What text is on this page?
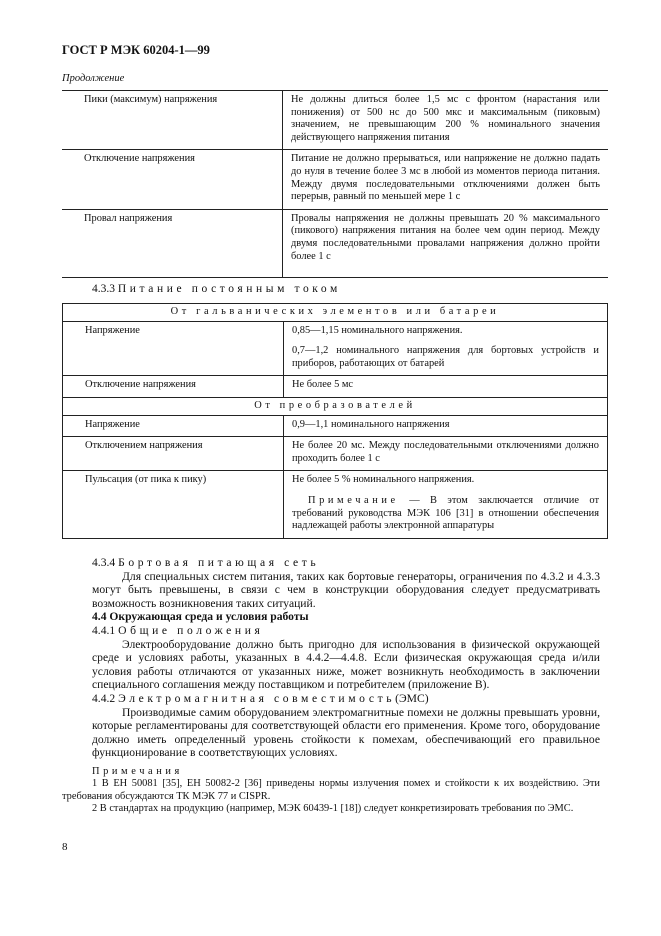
ГОСТ Р МЭК 60204-1—99
Продолжение
Пики (максимум) напряжения	Не должны длиться более 1,5 мс с фронтом (нарастания или понижения) от 500 нс до 500 мкс и максимальным (пиковым) значением, не превышающим 200 % номинального значения действующего напряжения питания
Отключение напряжения	Питание не должно прерываться, или напряжение не должно падать до нуля в течение более 3 мс в любой из моментов периода питания. Между двумя последовательными отключениями должен быть перерыв, равный по меньшей мере 1 с
Провал напряжения	Провалы напряжения не должны превышать 20 % максимального (пикового) напряжения питания на более чем один период. Между двумя последовательными провалами напряжения должно пройти более 1 с
4.3.3 Питание постоянным током
От гальванических элементов или батареи	
Напряжение	0,85—1,15 номинального напряжения.

0,7—1,2 номинального напряжения для бортовых устройств и приборов, работающих от батарей

Отключение напряжения	Не более 5 мс
От преобразователей	
Напряжение	0,9—1,1 номинального напряжения
Отключением напряжения	Не более 20 мс. Между последовательными отключениями должно проходить более 1 с
Пульсация (от пика к пику)	Не более 5 % номинального напряжения.

Примечание — В этом заключается отличие от требований руководства МЭК 106 [31] в отношении обеспечения надлежащей работы электронной аппаратуры

4.3.4 Бортовая питающая сеть

Для специальных систем питания, таких как бортовые генераторы, ограничения по 4.3.2 и 4.3.3 могут быть превышены, в связи с чем в конструкции оборудования следует предусматривать возможность возникновения таких ситуаций.

4.4 Окружающая среда и условия работы

4.4.1 Общие положения

Электрооборудование должно быть пригодно для использования в физической окружающей среде и условиях работы, указанных в 4.4.2—4.4.8. Если физическая окружающая среда и/или условия работы отличаются от указанных ниже, может возникнуть необходимость в заключении специального соглашения между поставщиком и потребителем (приложение В).

4.4.2 Электромагнитная совместимость(ЭМС)

Производимые самим оборудованием электромагнитные помехи не должны превышать уровни, которые регламентированы для соответствующей области его применения. Кроме того, оборудование должно иметь определенный уровень стойкости к помехам, обеспечивающий его правильное функционирование в соответствующих условиях.

Примечания

1 В ЕН 50081 [35], ЕН 50082-2 [36] приведены нормы излучения помех и стойкости к их воздействию. Эти требования обсуждаются ТК МЭК 77 и CISPR.

2 В стандартах на продукцию (например, МЭК 60439-1 [18]) следует конкретизировать требования по ЭМС.

8
